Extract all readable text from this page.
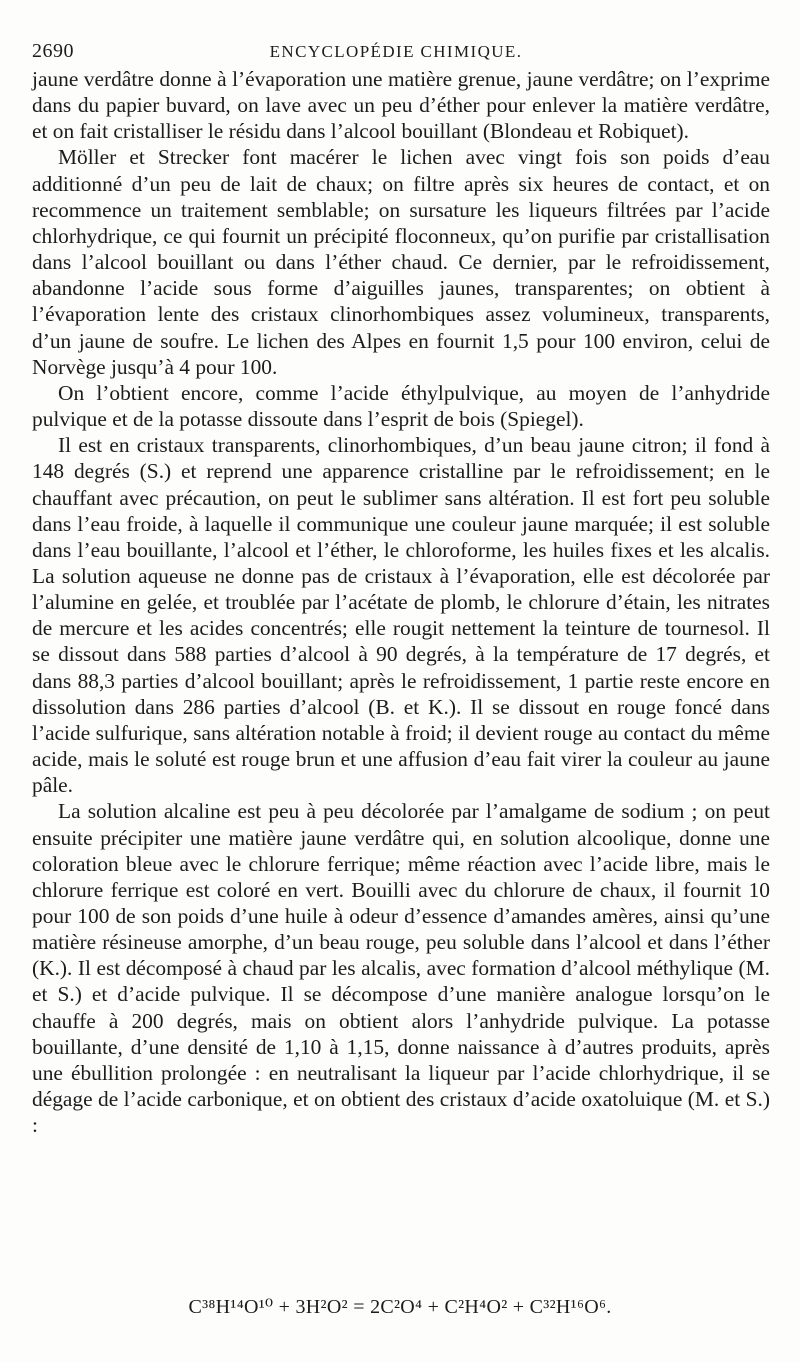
2690	ENCYCLOPÉDIE CHIMIQUE.

jaune verdâtre donne à l’évaporation une matière grenue, jaune verdâtre; on l’exprime dans du papier buvard, on lave avec un peu d’éther pour enlever la matière verdâtre, et on fait cristalliser le résidu dans l’alcool bouillant (Blondeau et Robiquet).

Möller et Strecker font macérer le lichen avec vingt fois son poids d’eau additionné d’un peu de lait de chaux; on filtre après six heures de contact, et on recommence un traitement semblable; on sursature les liqueurs filtrées par l’acide chlorhydrique, ce qui fournit un précipité floconneux, qu’on purifie par cristallisation dans l’alcool bouillant ou dans l’éther chaud. Ce dernier, par le refroidissement, abandonne l’acide sous forme d’aiguilles jaunes, transparentes; on obtient à l’évaporation lente des cristaux clinorhombiques assez volumineux, transparents, d’un jaune de soufre. Le lichen des Alpes en fournit 1,5 pour 100 environ, celui de Norvège jusqu’à 4 pour 100.

On l’obtient encore, comme l’acide éthylpulvique, au moyen de l’anhydride pulvique et de la potasse dissoute dans l’esprit de bois (Spiegel).

Il est en cristaux transparents, clinorhombiques, d’un beau jaune citron; il fond à 148 degrés (S.) et reprend une apparence cristalline par le refroidissement; en le chauffant avec précaution, on peut le sublimer sans altération. Il est fort peu soluble dans l’eau froide, à laquelle il communique une couleur jaune marquée; il est soluble dans l’eau bouillante, l’alcool et l’éther, le chloroforme, les huiles fixes et les alcalis. La solution aqueuse ne donne pas de cristaux à l’évaporation, elle est décolorée par l’alumine en gelée, et troublée par l’acétate de plomb, le chlorure d’étain, les nitrates de mercure et les acides concentrés; elle rougit nettement la teinture de tournesol. Il se dissout dans 588 parties d’alcool à 90 degrés, à la température de 17 degrés, et dans 88,3 parties d’alcool bouillant; après le refroidissement, 1 partie reste encore en dissolution dans 286 parties d’alcool (B. et K.). Il se dissout en rouge foncé dans l’acide sulfurique, sans altération notable à froid; il devient rouge au contact du même acide, mais le soluté est rouge brun et une affusion d’eau fait virer la couleur au jaune pâle.

La solution alcaline est peu à peu décolorée par l’amalgame de sodium ; on peut ensuite précipiter une matière jaune verdâtre qui, en solution alcoolique, donne une coloration bleue avec le chlorure ferrique; même réaction avec l’acide libre, mais le chlorure ferrique est coloré en vert. Bouilli avec du chlorure de chaux, il fournit 10 pour 100 de son poids d’une huile à odeur d’essence d’amandes amères, ainsi qu’une matière résineuse amorphe, d’un beau rouge, peu soluble dans l’alcool et dans l’éther (K.). Il est décomposé à chaud par les alcalis, avec formation d’alcool méthylique (M. et S.) et d’acide pulvique. Il se décompose d’une manière analogue lorsqu’on le chauffe à 200 degrés, mais on obtient alors l’anhydride pulvique. La potasse bouillante, d’une densité de 1,10 à 1,15, donne naissance à d’autres produits, après une ébullition prolongée : en neutralisant la liqueur par l’acide chlorhydrique, il se dégage de l’acide carbonique, et on obtient des cristaux d’acide oxatoluique (M. et S.) :

C³⁸H¹⁴O¹⁰ + 3H²O² = 2C²O⁴ + C²H⁴O² + C³²H¹⁶O⁶.
